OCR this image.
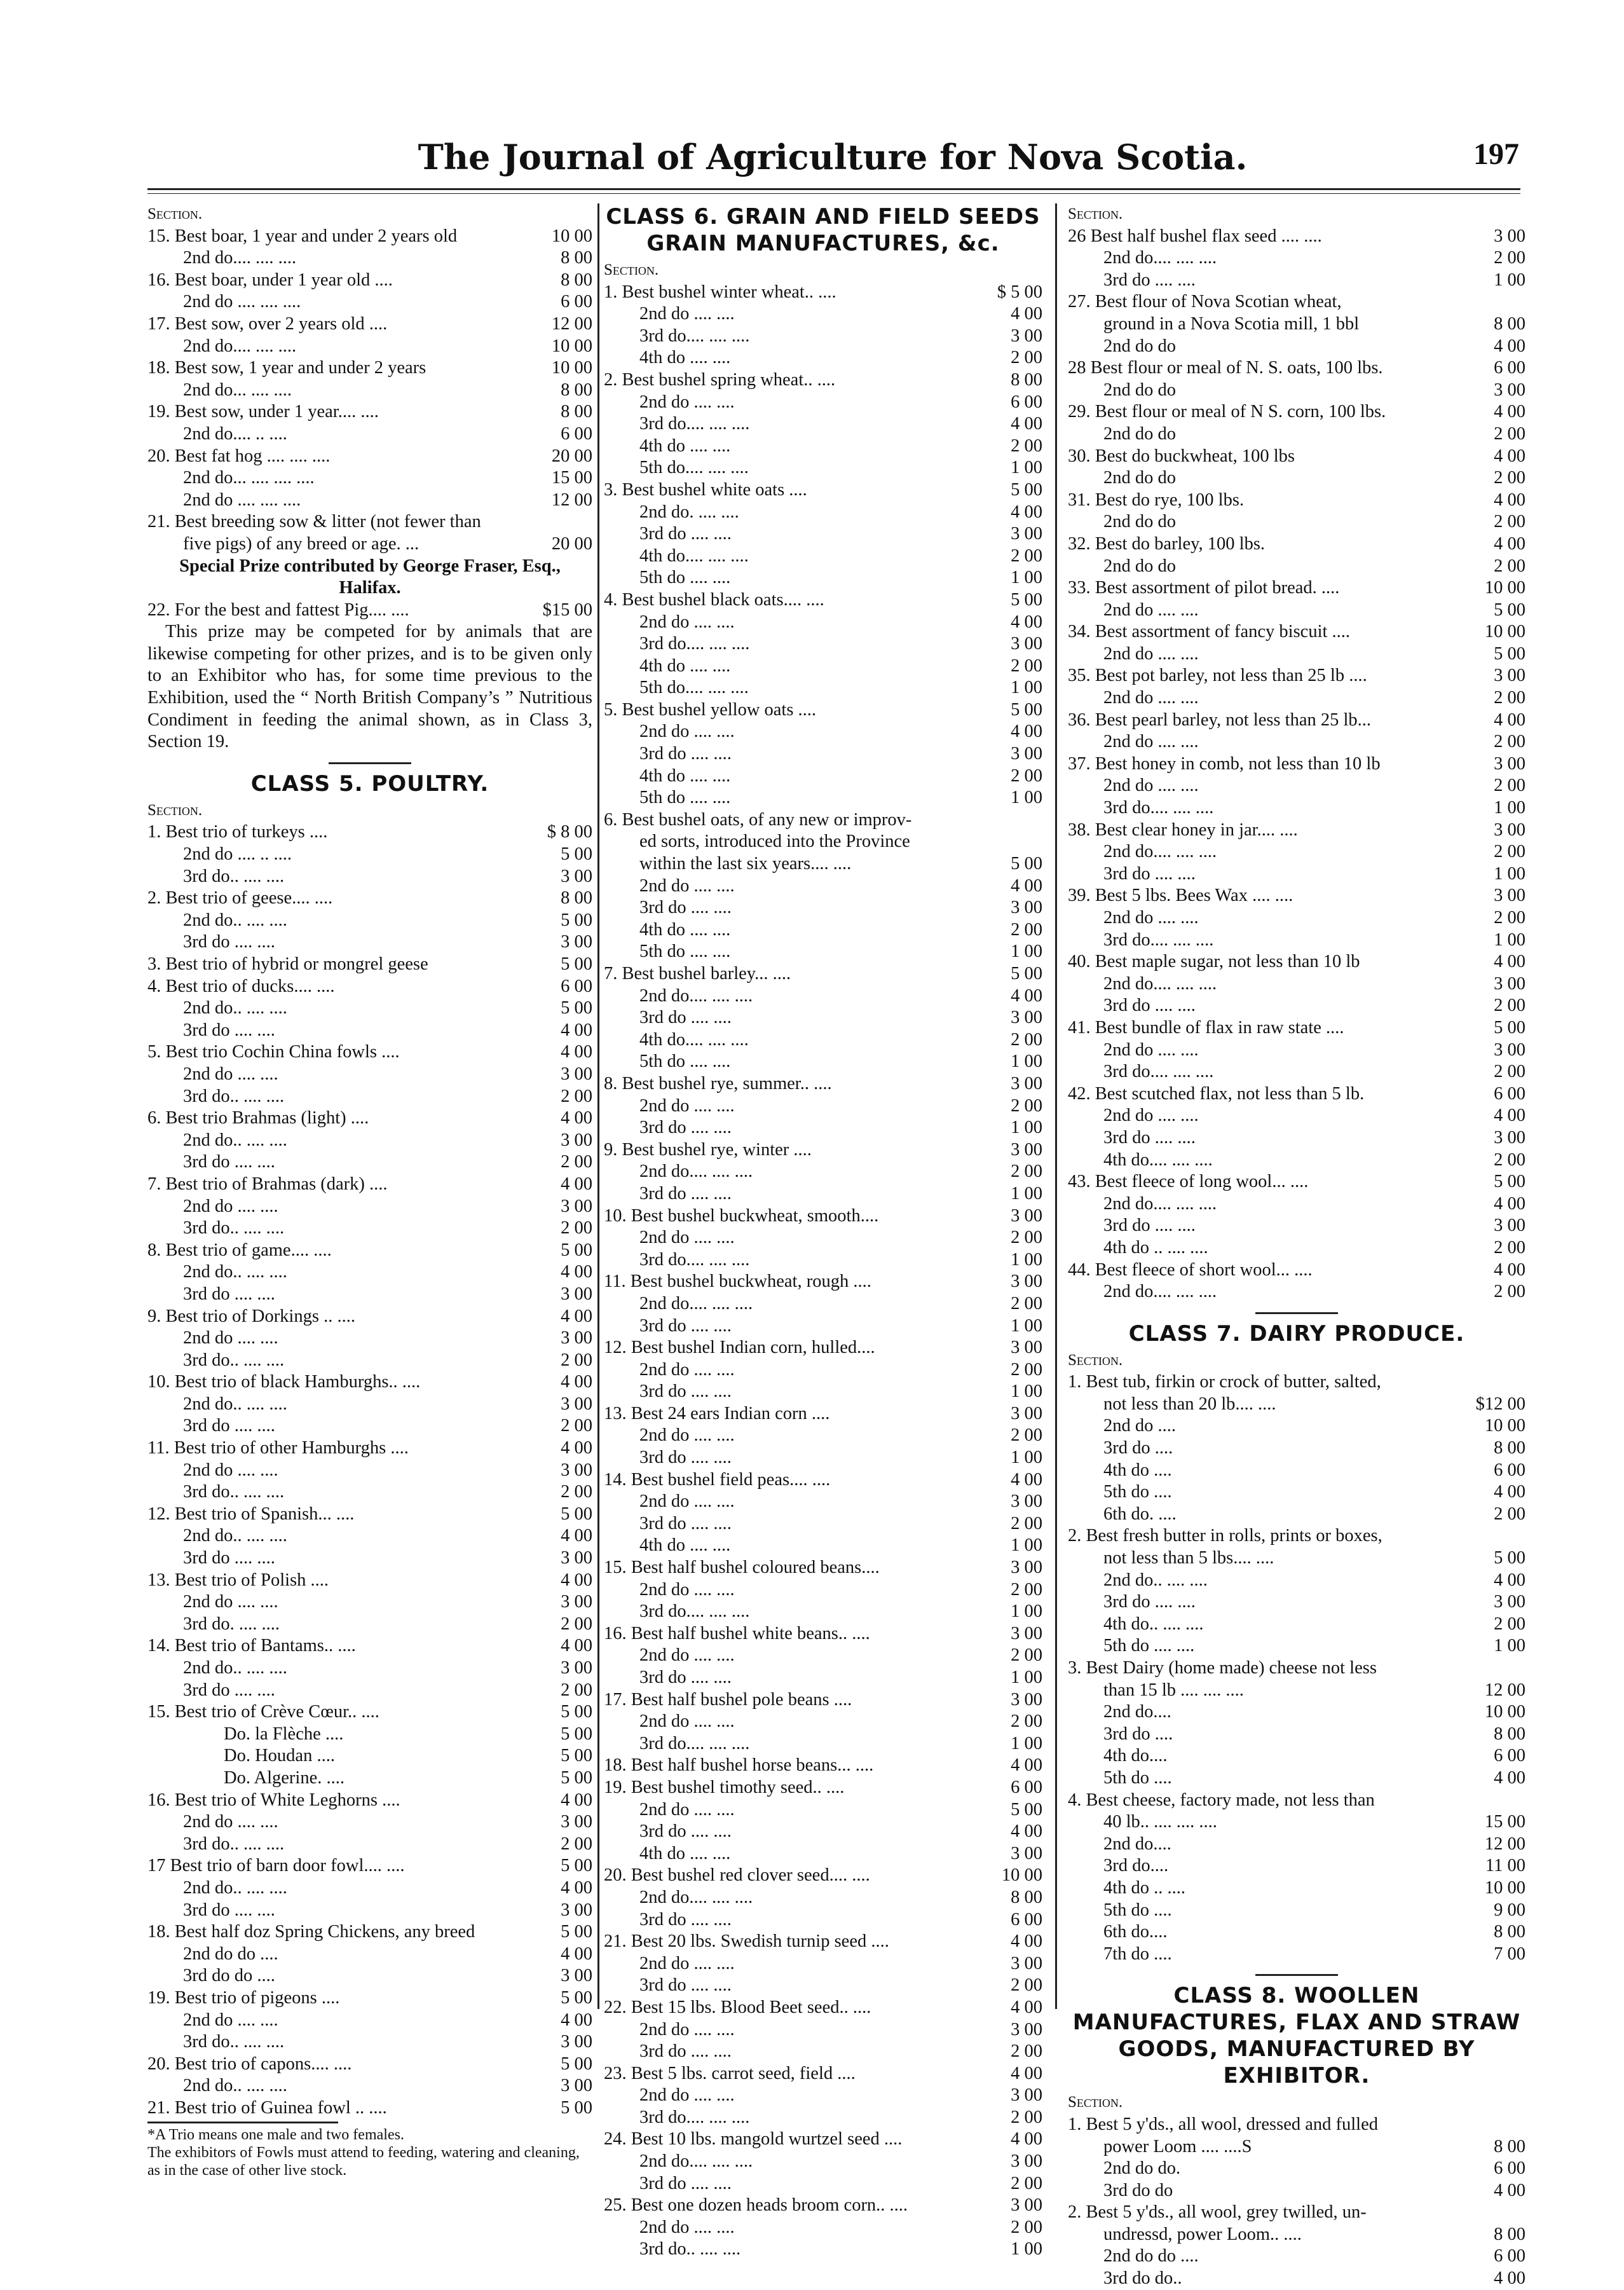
The Journal of Agriculture for Nova Scotia.	197
Section.
15. Best boar, 1 year and under 2 years old	10 00
2nd do.... .... ....	8 00
16. Best boar, under 1 year old ....	8 00
2nd do .... .... ....	6 00
17. Best sow, over 2 years old ....	12 00
2nd do.... .... ....	10 00
18. Best sow, 1 year and under 2 years	10 00
2nd do... .... ....	8 00
19. Best sow, under 1 year.... ....	8 00
2nd do.... .. ....	6 00
20. Best fat hog .... .... ....	20 00
2nd do... .... .... ....	15 00
2nd do .... .... ....	12 00
21. Best breeding sow & litter (not fewer than
five pigs) of any breed or age. ...	20 00
Special Prize contributed by George Fraser, Esq., Halifax.
22. For the best and fattest Pig.... ....	$15 00
This prize may be competed for by animals that are likewise competing for other prizes, and is to be given only to an Exhibitor who has, for some time previous to the Exhibition, used the “ North British Company’s ” Nutritious Condiment in feeding the animal shown, as in Class 3, Section 19.
CLASS 5. POULTRY.
Section.
1. Best trio of turkeys ....	$ 8 00
2nd do .... .. ....	5 00
3rd do.. .... ....	3 00
2. Best trio of geese.... ....	8 00
2nd do.. .... ....	5 00
3rd do .... ....	3 00
3. Best trio of hybrid or mongrel geese	5 00
4. Best trio of ducks.... ....	6 00
2nd do.. .... ....	5 00
3rd do .... ....	4 00
5. Best trio Cochin China fowls ....	4 00
2nd do .... ....	3 00
3rd do.. .... ....	2 00
6. Best trio Brahmas (light) ....	4 00
2nd do.. .... ....	3 00
3rd do .... ....	2 00
7. Best trio of Brahmas (dark) ....	4 00
2nd do .... ....	3 00
3rd do.. .... ....	2 00
8. Best trio of game.... ....	5 00
2nd do.. .... ....	4 00
3rd do .... ....	3 00
9. Best trio of Dorkings .. ....	4 00
2nd do .... ....	3 00
3rd do.. .... ....	2 00
10. Best trio of black Hamburghs.. ....	4 00
2nd do.. .... ....	3 00
3rd do .... ....	2 00
11. Best trio of other Hamburghs ....	4 00
2nd do .... ....	3 00
3rd do.. .... ....	2 00
12. Best trio of Spanish... ....	5 00
2nd do.. .... ....	4 00
3rd do .... ....	3 00
13. Best trio of Polish ....	4 00
2nd do .... ....	3 00
3rd do. .... ....	2 00
14. Best trio of Bantams.. ....	4 00
2nd do.. .... ....	3 00
3rd do .... ....	2 00
15. Best trio of Crève Cœur.. ....	5 00
Do. la Flèche ....	5 00
Do. Houdan ....	5 00
Do. Algerine. ....	5 00
16. Best trio of White Leghorns ....	4 00
2nd do .... ....	3 00
3rd do.. .... ....	2 00
17 Best trio of barn door fowl.... ....	5 00
2nd do.. .... ....	4 00
3rd do .... ....	3 00
18. Best half doz Spring Chickens, any breed	5 00
2nd do do ....	4 00
3rd do do ....	3 00
19. Best trio of pigeons ....	5 00
2nd do .... ....	4 00
3rd do.. .... ....	3 00
20. Best trio of capons.... ....	5 00
2nd do.. .... ....	3 00
21. Best trio of Guinea fowl .. ....	5 00
*A Trio means one male and two females.
The exhibitors of Fowls must attend to feeding, watering and cleaning, as in the case of other live stock.
CLASS 6. GRAIN AND FIELD SEEDS GRAIN MANUFACTURES, &c.
Section.
1. Best bushel winter wheat.. ....	$ 5 00
2nd do .... ....	4 00
3rd do.... .... ....	3 00
4th do .... ....	2 00
2. Best bushel spring wheat.. ....	8 00
2nd do .... ....	6 00
3rd do.... .... ....	4 00
4th do .... ....	2 00
5th do.... .... ....	1 00
3. Best bushel white oats ....	5 00
2nd do. .... ....	4 00
3rd do .... ....	3 00
4th do.... .... ....	2 00
5th do .... ....	1 00
4. Best bushel black oats.... ....	5 00
2nd do .... ....	4 00
3rd do.... .... ....	3 00
4th do .... ....	2 00
5th do.... .... ....	1 00
5. Best bushel yellow oats ....	5 00
2nd do .... ....	4 00
3rd do .... ....	3 00
4th do .... ....	2 00
5th do .... ....	1 00
6. Best bushel oats, of any new or improv-
ed sorts, introduced into the Province
within the last six years.... ....	5 00
2nd do .... ....	4 00
3rd do .... ....	3 00
4th do .... ....	2 00
5th do .... ....	1 00
7. Best bushel barley... ....	5 00
2nd do.... .... ....	4 00
3rd do .... ....	3 00
4th do.... .... ....	2 00
5th do .... ....	1 00
8. Best bushel rye, summer.. ....	3 00
2nd do .... ....	2 00
3rd do .... ....	1 00
9. Best bushel rye, winter ....	3 00
2nd do.... .... ....	2 00
3rd do .... ....	1 00
10. Best bushel buckwheat, smooth....	3 00
2nd do .... ....	2 00
3rd do.... .... ....	1 00
11. Best bushel buckwheat, rough ....	3 00
2nd do.... .... ....	2 00
3rd do .... ....	1 00
12. Best bushel Indian corn, hulled....	3 00
2nd do .... ....	2 00
3rd do .... ....	1 00
13. Best 24 ears Indian corn ....	3 00
2nd do .... ....	2 00
3rd do .... ....	1 00
14. Best bushel field peas.... ....	4 00
2nd do .... ....	3 00
3rd do .... ....	2 00
4th do .... ....	1 00
15. Best half bushel coloured beans....	3 00
2nd do .... ....	2 00
3rd do.... .... ....	1 00
16. Best half bushel white beans.. ....	3 00
2nd do .... ....	2 00
3rd do .... ....	1 00
17. Best half bushel pole beans ....	3 00
2nd do .... ....	2 00
3rd do.... .... ....	1 00
18. Best half bushel horse beans... ....	4 00
19. Best bushel timothy seed.. ....	6 00
2nd do .... ....	5 00
3rd do .... ....	4 00
4th do .... ....	3 00
20. Best bushel red clover seed.... ....	10 00
2nd do.... .... ....	8 00
3rd do .... ....	6 00
21. Best 20 lbs. Swedish turnip seed ....	4 00
2nd do .... ....	3 00
3rd do .... ....	2 00
22. Best 15 lbs. Blood Beet seed.. ....	4 00
2nd do .... ....	3 00
3rd do .... ....	2 00
23. Best 5 lbs. carrot seed, field ....	4 00
2nd do .... ....	3 00
3rd do.... .... ....	2 00
24. Best 10 lbs. mangold wurtzel seed ....	4 00
2nd do.... .... ....	3 00
3rd do .... ....	2 00
25. Best one dozen heads broom corn.. ....	3 00
2nd do .... ....	2 00
3rd do.. .... ....	1 00
Section.
26 Best half bushel flax seed .... ....	3 00
2nd do.... .... ....	2 00
3rd do .... ....	1 00
27. Best flour of Nova Scotian wheat,
ground in a Nova Scotia mill, 1 bbl	8 00
2nd do do	4 00
28 Best flour or meal of N. S. oats, 100 lbs.	6 00
2nd do do	3 00
29. Best flour or meal of N S. corn, 100 lbs.	4 00
2nd do do	2 00
30. Best do buckwheat, 100 lbs	4 00
2nd do do	2 00
31. Best do rye, 100 lbs.	4 00
2nd do do	2 00
32. Best do barley, 100 lbs.	4 00
2nd do do	2 00
33. Best assortment of pilot bread. ....	10 00
2nd do .... ....	5 00
34. Best assortment of fancy biscuit ....	10 00
2nd do .... ....	5 00
35. Best pot barley, not less than 25 lb ....	3 00
2nd do .... ....	2 00
36. Best pearl barley, not less than 25 lb...	4 00
2nd do .... ....	2 00
37. Best honey in comb, not less than 10 lb	3 00
2nd do .... ....	2 00
3rd do.... .... ....	1 00
38. Best clear honey in jar.... ....	3 00
2nd do.... .... ....	2 00
3rd do .... ....	1 00
39. Best 5 lbs. Bees Wax .... ....	3 00
2nd do .... ....	2 00
3rd do.... .... ....	1 00
40. Best maple sugar, not less than 10 lb	4 00
2nd do.... .... ....	3 00
3rd do .... ....	2 00
41. Best bundle of flax in raw state ....	5 00
2nd do .... ....	3 00
3rd do.... .... ....	2 00
42. Best scutched flax, not less than 5 lb.	6 00
2nd do .... ....	4 00
3rd do .... ....	3 00
4th do.... .... ....	2 00
43. Best fleece of long wool... ....	5 00
2nd do.... .... ....	4 00
3rd do .... ....	3 00
4th do .. .... ....	2 00
44. Best fleece of short wool... ....	4 00
2nd do.... .... ....	2 00
CLASS 7. DAIRY PRODUCE.
Section.
1. Best tub, firkin or crock of butter, salted,
not less than 20 lb.... ....	$12 00
2nd do ....	10 00
3rd do ....	8 00
4th do ....	6 00
5th do ....	4 00
6th do. ....	2 00
2. Best fresh butter in rolls, prints or boxes,
not less than 5 lbs.... ....	5 00
2nd do.. .... ....	4 00
3rd do .... ....	3 00
4th do.. .... ....	2 00
5th do .... ....	1 00
3. Best Dairy (home made) cheese not less
than 15 lb .... .... ....	12 00
2nd do....	10 00
3rd do ....	8 00
4th do....	6 00
5th do ....	4 00
4. Best cheese, factory made, not less than
40 lb.. .... .... ....	15 00
2nd do....	12 00
3rd do....	11 00
4th do .. ....	10 00
5th do ....	9 00
6th do....	8 00
7th do ....	7 00
CLASS 8. WOOLLEN MANUFACTURES, FLAX AND STRAW GOODS, MANUFACTURED BY EXHIBITOR.
Section.
1. Best 5 y'ds., all wool, dressed and fulled
power Loom .... ....S	8 00
2nd do do.	6 00
3rd do do	4 00
2. Best 5 y'ds., all wool, grey twilled, un-
undressd, power Loom.. ....	8 00
2nd do do ....	6 00
3rd do do..	4 00
